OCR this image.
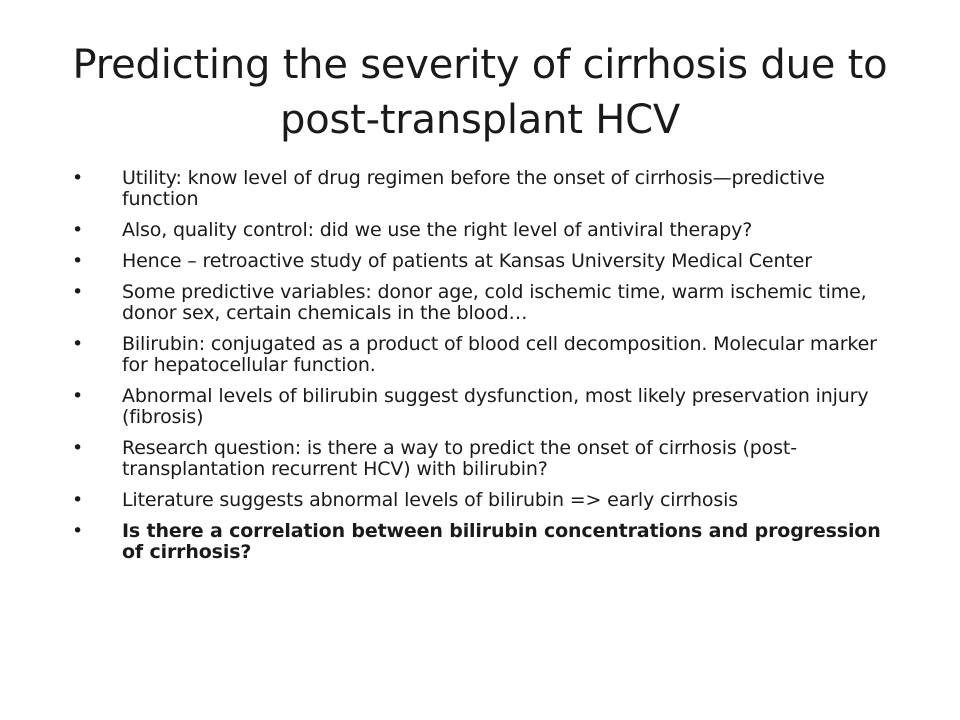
Predicting the severity of cirrhosis due to post-transplant HCV
• Utility: know level of drug regimen before the onset of cirrhosis—predictive function
• Also, quality control: did we use the right level of antiviral therapy?
• Hence – retroactive study of patients at Kansas University Medical Center
• Some predictive variables: donor age, cold ischemic time, warm ischemic time, donor sex, certain chemicals in the blood…
• Bilirubin: conjugated as a product of blood cell decomposition. Molecular marker for hepatocellular function.
• Abnormal levels of bilirubin suggest dysfunction, most likely preservation injury (fibrosis)
• Research question: is there a way to predict the onset of cirrhosis (post-transplantation recurrent HCV) with bilirubin?
• Literature suggests abnormal levels of bilirubin => early cirrhosis
• Is there a correlation between bilirubin concentrations and progression of cirrhosis?
